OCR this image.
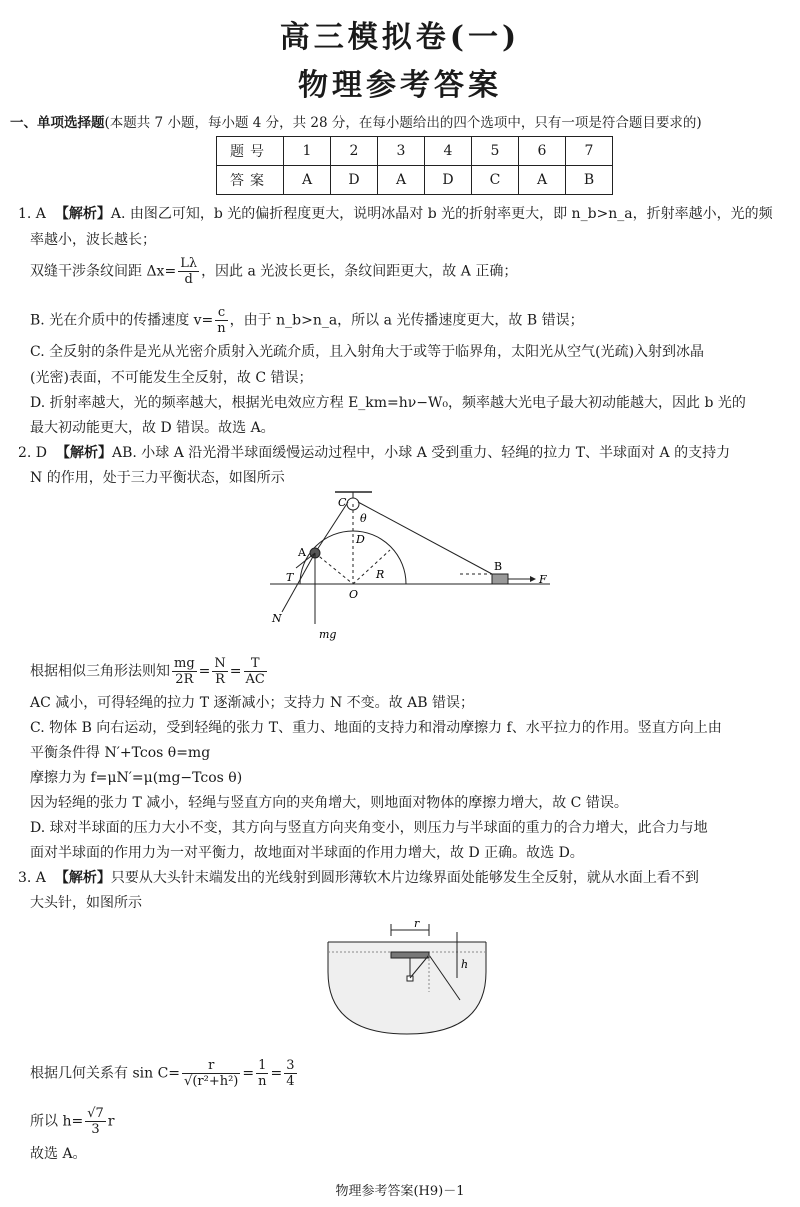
高三模拟卷(一)
物理参考答案
一、单项选择题(本题共 7 小题，每小题 4 分，共 28 分，在每小题给出的四个选项中，只有一项是符合题目要求的)
题号	1	2	3	4	5	6	7
答案	A	D	A	D	C	A	B
1. A 【解析】A. 由图乙可知，b 光的偏折程度更大，说明冰晶对 b 光的折射率更大，即 n_b>n_a，折射率越小，光的频
率越小，波长越长；
双缝干涉条纹间距 $\Delta x= \frac{L\lambda}{d}$ ，因此 a 光波长更长，条纹间距更大，故 A 正确；
B. 光在介质中的传播速度 $v= \frac{c}{n}$ ，由于 n_b>n_a，所以 a 光传播速度更大，故 B 错误；
C. 全反射的条件是光从光密介质射入光疏介质，且入射角大于或等于临界角，太阳光从空气(光疏)入射到冰晶
(光密)表面，不可能发生全反射，故 C 错误；
D. 折射率越大，光的频率越大，根据光电效应方程 E_km=hν−W₀，频率越大光电子最大初动能越大，因此 b 光的
最大初动能更大，故 D 错误。故选 A。
2. D 【解析】AB. 小球 A 沿光滑半球面缓慢运动过程中，小球 A 受到重力、轻绳的拉力 T、半球面对 A 的支持力
N 的作用，处于三力平衡状态，如图所示
C
θ
D
A
R
B
F
T
O
N
mg
根据相似三角形法则知 $\frac{mg}{2R} = \frac{N}{R} = \frac{T}{AC}$
AC 减小，可得轻绳的拉力 T 逐渐减小；支持力 N 不变。故 AB 错误；
C. 物体 B 向右运动，受到轻绳的张力 T、重力、地面的支持力和滑动摩擦力 f、水平拉力的作用。竖直方向上由
平衡条件得 N′+Tcos θ=mg
摩擦力为 f=μN′=μ(mg−Tcos θ)
因为轻绳的张力 T 减小，轻绳与竖直方向的夹角增大，则地面对物体的摩擦力增大，故 C 错误。
D. 球对半球面的压力大小不变，其方向与竖直方向夹角变小，则压力与半球面的重力的合力增大，此合力与地
面对半球面的作用力为一对平衡力，故地面对半球面的作用力增大，故 D 正确。故选 D。
3. A 【解析】只要从大头针末端发出的光线射到圆形薄软木片边缘界面处能够发生全反射，就从水面上看不到
大头针，如图所示
r
h
根据几何关系有 $\sin C= \frac{r}{\text{√(r²+h²)}} = \frac{1}{n} = \frac{3}{4}$
所以 $h= \frac{√7}{3}$ r
故选 A。
物理参考答案(H9)－1
